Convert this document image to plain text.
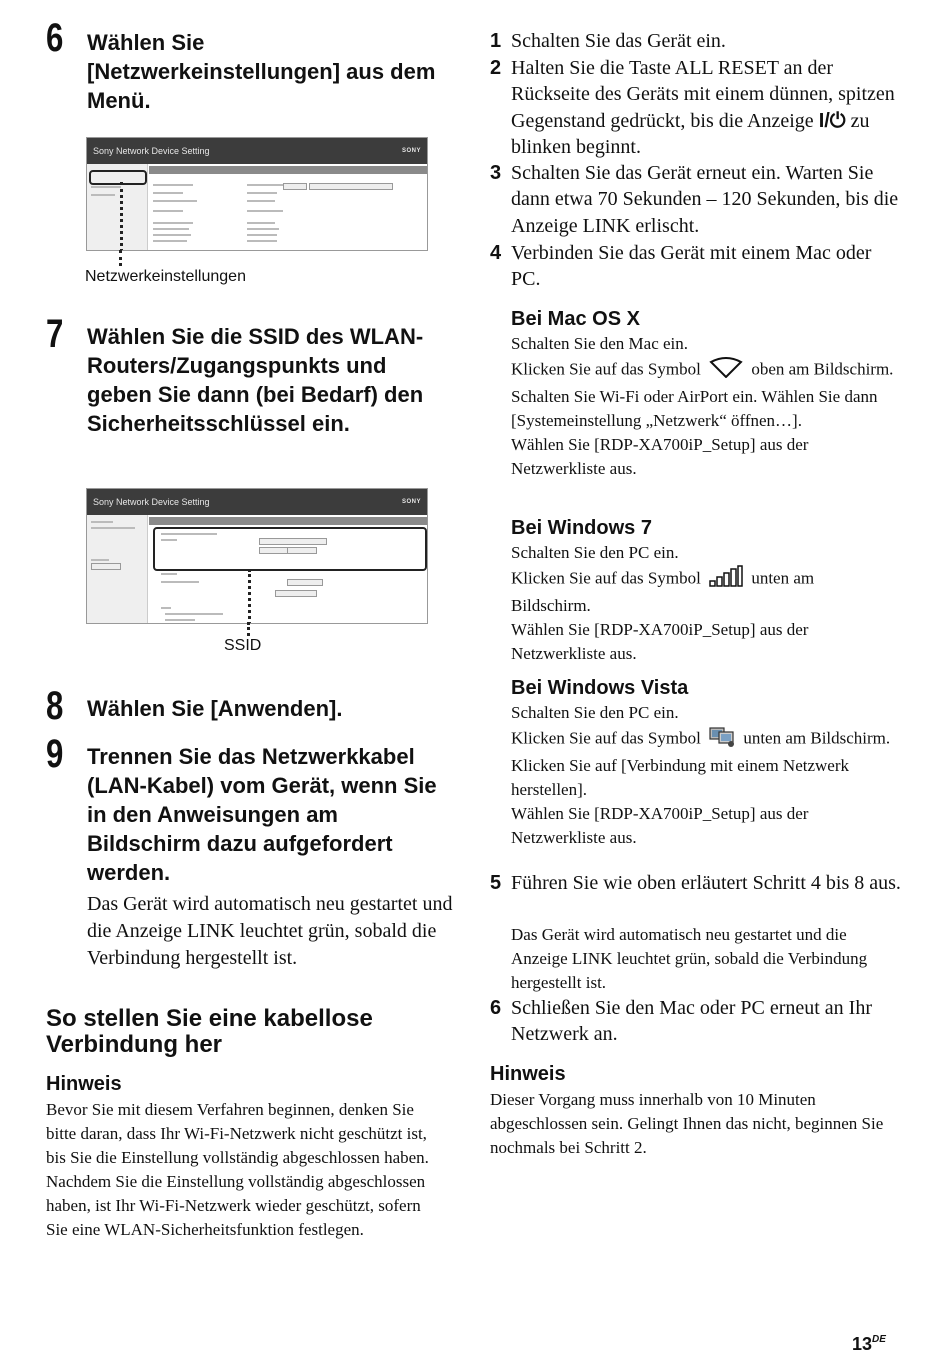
6 Wählen Sie [Netzwerkeinstellungen] aus dem Menü.
Sony Network Device Setting	SONY
Netzwerkeinstellungen
7 Wählen Sie die SSID des WLAN-Routers/Zugangspunkts und geben Sie dann (bei Bedarf) den Sicherheitsschlüssel ein.
Sony Network Device Setting	SONY
SSID
8 Wählen Sie [Anwenden].
9 Trennen Sie das Netzwerkkabel (LAN-Kabel) vom Gerät, wenn Sie in den Anweisungen am Bildschirm dazu aufgefordert werden.
Das Gerät wird automatisch neu gestartet und die Anzeige LINK leuchtet grün, sobald die Verbindung hergestellt ist.
So stellen Sie eine kabellose Verbindung her
Hinweis
Bevor Sie mit diesem Verfahren beginnen, denken Sie bitte daran, dass Ihr Wi-Fi-Netzwerk nicht geschützt ist, bis Sie die Einstellung vollständig abgeschlossen haben. Nachdem Sie die Einstellung vollständig abgeschlossen haben, ist Ihr Wi-Fi-Netzwerk wieder geschützt, sofern Sie eine WLAN-Sicherheitsfunktion festlegen.
1 Schalten Sie das Gerät ein.
2 Halten Sie die Taste ALL RESET an der Rückseite des Geräts mit einem dünnen, spitzen Gegenstand gedrückt, bis die Anzeige I/⏻ zu blinken beginnt.
3 Schalten Sie das Gerät erneut ein. Warten Sie dann etwa 70 Sekunden – 120 Sekunden, bis die Anzeige LINK erlischt.
4 Verbinden Sie das Gerät mit einem Mac oder PC.
Bei Mac OS X
Schalten Sie den Mac ein.
Klicken Sie auf das Symbol	oben am Bildschirm.
Schalten Sie Wi-Fi oder AirPort ein. Wählen Sie dann [Systemeinstellung „Netzwerk“ öffnen…].
Wählen Sie [RDP-XA700iP_Setup] aus der Netzwerkliste aus.
Bei Windows 7
Schalten Sie den PC ein.
Klicken Sie auf das Symbol	unten am Bildschirm.
Wählen Sie [RDP-XA700iP_Setup] aus der Netzwerkliste aus.
Bei Windows Vista
Schalten Sie den PC ein.
Klicken Sie auf das Symbol	unten am Bildschirm.
Klicken Sie auf [Verbindung mit einem Netzwerk herstellen].
Wählen Sie [RDP-XA700iP_Setup] aus der Netzwerkliste aus.
5 Führen Sie wie oben erläutert Schritt 4 bis 8 aus.
Das Gerät wird automatisch neu gestartet und die Anzeige LINK leuchtet grün, sobald die Verbindung hergestellt ist.
6 Schließen Sie den Mac oder PC erneut an Ihr Netzwerk an.
Hinweis
Dieser Vorgang muss innerhalb von 10 Minuten abgeschlossen sein. Gelingt Ihnen das nicht, beginnen Sie nochmals bei Schritt 2.
13DE
